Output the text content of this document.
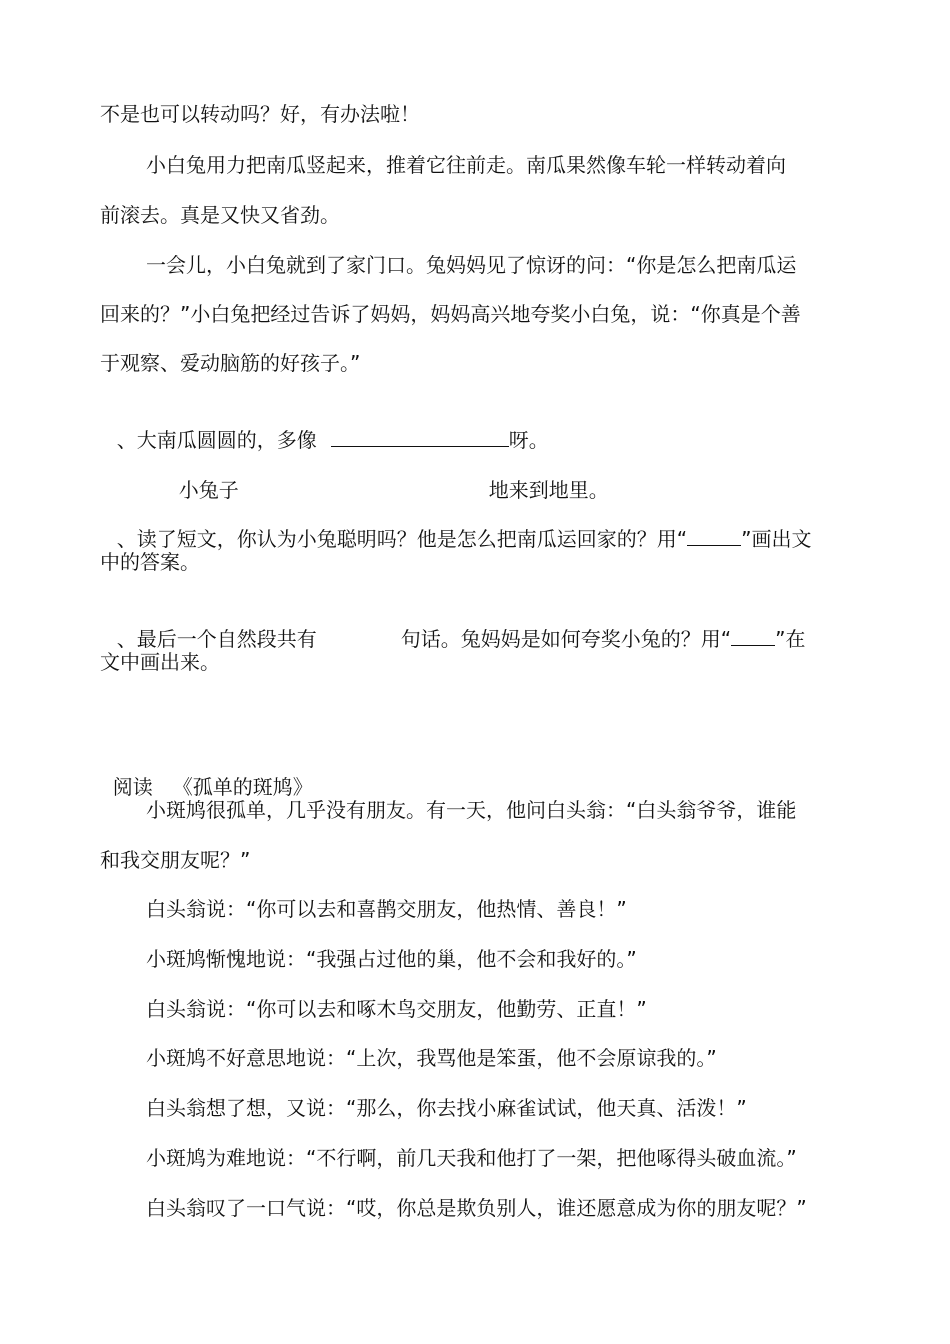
不是也可以转动吗？好，有办法啦！
小白兔用力把南瓜竖起来，推着它往前走。南瓜果然像车轮一样转动着向
前滚去。真是又快又省劲。
一会儿，小白兔就到了家门口。兔妈妈见了惊讶的问：“你是怎么把南瓜运
回来的？”小白兔把经过告诉了妈妈，妈妈高兴地夸奖小白兔，说：“你真是个善
于观察、爱动脑筋的好孩子。”

、大南瓜圆圆的，多像	呀。

小兔子	地来到地里。

、读了短文，你认为小兔聪明吗？他是怎么把南瓜运回家的？用“	”画出文

中的答案。

、最后一个自然段共有	句话。兔妈妈是如何夸奖小兔的？用“ ”在

文中画出来。

阅读 《孤单的斑鸠》

小斑鸠很孤单，几乎没有朋友。有一天，他问白头翁：“白头翁爷爷，谁能
和我交朋友呢？”
白头翁说：“你可以去和喜鹊交朋友，他热情、善良！”
小斑鸠惭愧地说：“我强占过他的巢，他不会和我好的。”
白头翁说：“你可以去和啄木鸟交朋友，他勤劳、正直！”
小斑鸠不好意思地说：“上次，我骂他是笨蛋，他不会原谅我的。”
白头翁想了想，又说：“那么，你去找小麻雀试试，他天真、活泼！”
小斑鸠为难地说：“不行啊，前几天我和他打了一架，把他啄得头破血流。”
白头翁叹了一口气说：“哎，你总是欺负别人，谁还愿意成为你的朋友呢？”
